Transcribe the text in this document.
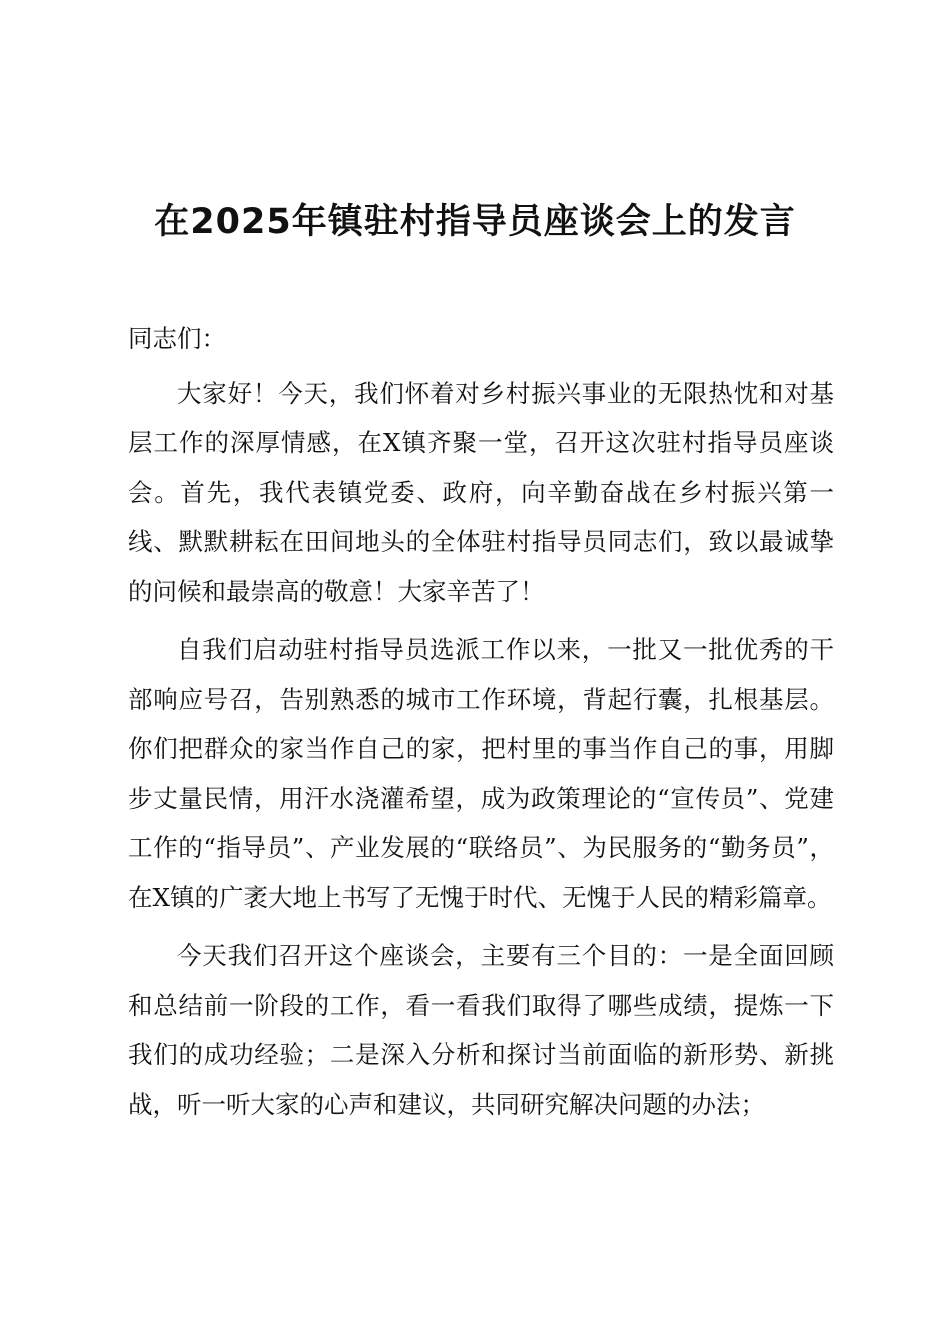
在2025年镇驻村指导员座谈会上的发言

同志们：

大家好！今天，我们怀着对乡村振兴事业的无限热忱和对基层工作的深厚情感，在X镇齐聚一堂，召开这次驻村指导员座谈会。首先，我代表镇党委、政府，向辛勤奋战在乡村振兴第一线、默默耕耘在田间地头的全体驻村指导员同志们，致以最诚挚的问候和最崇高的敬意！大家辛苦了！

自我们启动驻村指导员选派工作以来，一批又一批优秀的干部响应号召，告别熟悉的城市工作环境，背起行囊，扎根基层。你们把群众的家当作自己的家，把村里的事当作自己的事，用脚步丈量民情，用汗水浇灌希望，成为政策理论的“宣传员”、党建工作的“指导员”、产业发展的“联络员”、为民服务的“勤务员”，在X镇的广袤大地上书写了无愧于时代、无愧于人民的精彩篇章。

今天我们召开这个座谈会，主要有三个目的：一是全面回顾和总结前一阶段的工作，看一看我们取得了哪些成绩，提炼一下我们的成功经验；二是深入分析和探讨当前面临的新形势、新挑战，听一听大家的心声和建议，共同研究解决问题的办法；
